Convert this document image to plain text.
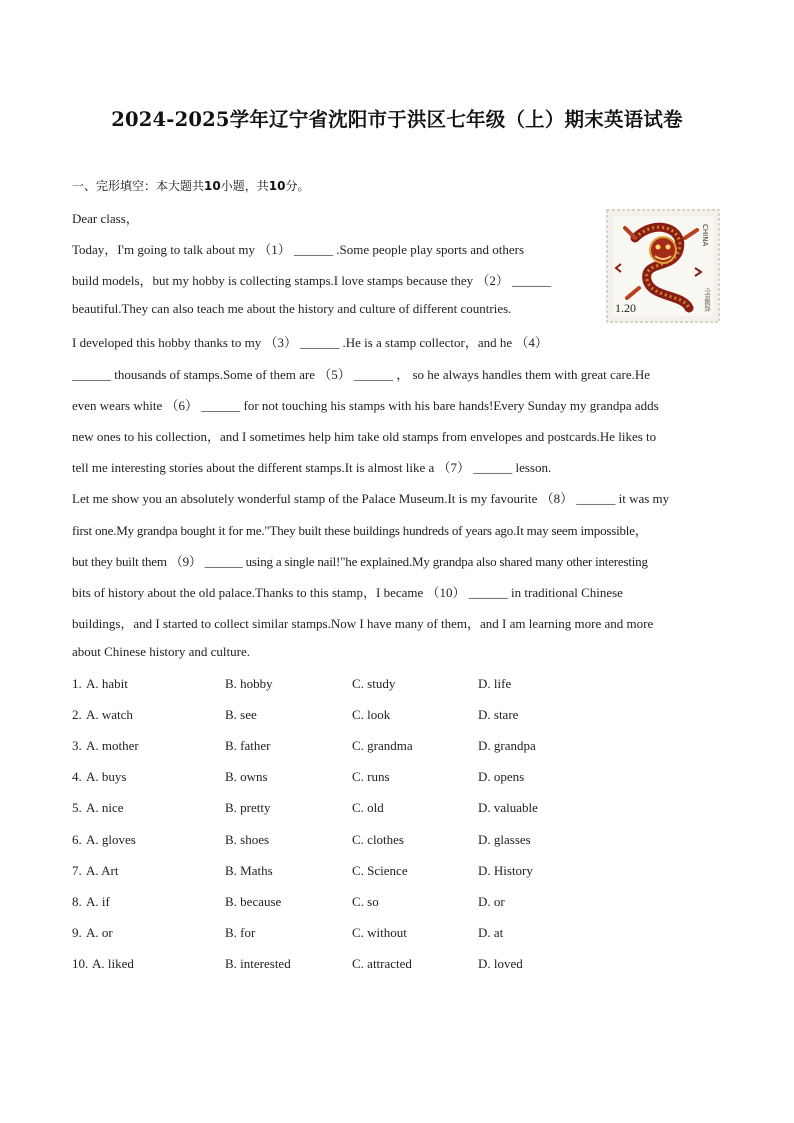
2024-2025学年辽宁省沈阳市于洪区七年级（上）期末英语试卷
一、完形填空：本大题共10小题，共10分。
Dear class，
Today，I'm going to talk about my （1） ______ .Some people play sports and others
build models，but my hobby is collecting stamps.I love stamps because they （2） ______
beautiful.They can also teach me about the history and culture of different countries.
I developed this hobby thanks to my （3） ______ .He is a stamp collector，and he （4）
______ thousands of stamps.Some of them are （5） ______ ， so he always handles them with great care.He
even wears white （6） ______ for not touching his stamps with his bare hands!Every Sunday my grandpa adds
new ones to his collection，and I sometimes help him take old stamps from envelopes and postcards.He likes to
tell me interesting stories about the different stamps.It is almost like a （7） ______ lesson.
Let me show you an absolutely wonderful stamp of the Palace Museum.It is my favourite （8） ______ it was my
first one.My grandpa bought it for me."They built these buildings hundreds of years ago.It may seem impossible，
but they built them （9） ______ using a single nail!"he explained.My grandpa also shared many other interesting
bits of history about the old palace.Thanks to this stamp，I became （10） ______ in traditional Chinese
buildings，and I started to collect similar stamps.Now I have many of them，and I am learning more and more
about Chinese history and culture.
CHINA
1.20	中国邮政
1. A. habit	B. hobby	C. study	D. life
2. A. watch	B. see	C. look	D. stare
3. A. mother	B. father	C. grandma	D. grandpa
4. A. buys	B. owns	C. runs	D. opens
5. A. nice	B. pretty	C. old	D. valuable
6. A. gloves	B. shoes	C. clothes	D. glasses
7. A. Art	B. Maths	C. Science	D. History
8. A. if	B. because	C. so	D. or
9. A. or	B. for	C. without	D. at
10. A. liked	B. interested	C. attracted	D. loved
